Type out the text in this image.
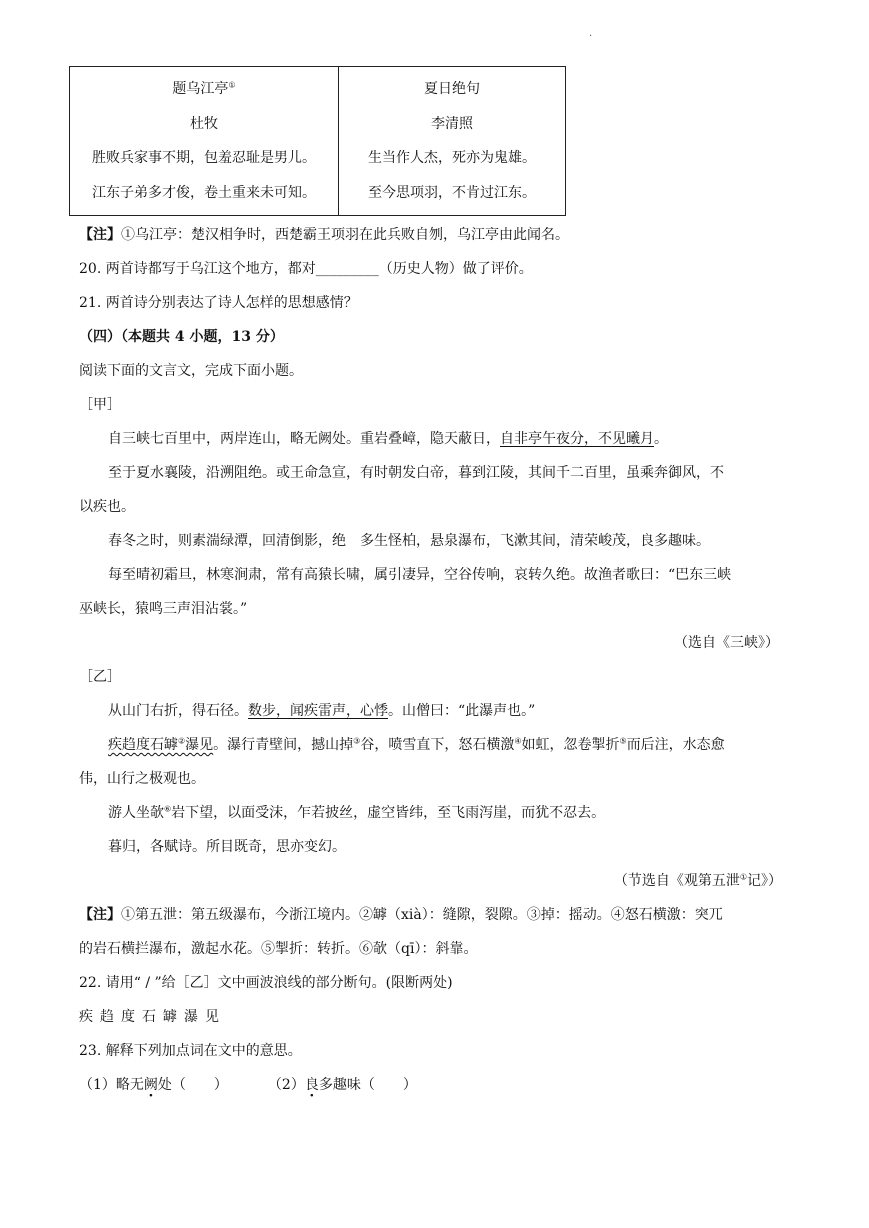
.
题乌江亭①
杜牧
胜败兵家事不期，包羞忍耻是男儿。
江东子弟多才俊，卷土重来未可知。

夏日绝句
李清照
生当作人杰，死亦为鬼雄。
至今思项羽，不肯过江东。
【注】①乌江亭：楚汉相争时，西楚霸王项羽在此兵败自刎，乌江亭由此闻名。
20. 两首诗都写于乌江这个地方，都对_________（历史人物）做了评价。
21. 两首诗分别表达了诗人怎样的思想感情？
（四）（本题共 4 小题，13 分）
阅读下面的文言文，完成下面小题。
［甲］
自三峡七百里中，两岸连山，略无阙处。重岩叠嶂，隐天蔽日，自非亭午夜分，不见曦月。
至于夏水襄陵，沿溯阻绝。或王命急宣，有时朝发白帝，暮到江陵，其间千二百里，虽乘奔御风，不
以疾也。
春冬之时，则素湍绿潭，回清倒影，绝　多生怪柏，悬泉瀑布，飞漱其间，清荣峻茂，良多趣味。
每至晴初霜旦，林寒涧肃，常有高猿长啸，属引凄异，空谷传响，哀转久绝。故渔者歌曰：“巴东三峡
巫峡长，猿鸣三声泪沾裳。”
（选自《三峡》）
［乙］
从山门右折，得石径。数步，闻疾雷声，心悸。山僧曰：“此瀑声也。”
疾趋度石罅②瀑见。瀑行青壁间，撼山掉③谷，喷雪直下，怒石横激④如虹，忽卷掣折⑤而后注，水态愈
伟，山行之极观也。
游人坐欹⑥岩下望，以面受沫，乍若披丝，虚空皆纬，至飞雨泻崖，而犹不忍去。
暮归，各赋诗。所目既奇，思亦变幻。
（节选自《观第五泄①记》）
【注】①第五泄：第五级瀑布，今浙江境内。②罅（xià）：缝隙，裂隙。③掉：摇动。④怒石横激：突兀
的岩石横拦瀑布，激起水花。⑤掣折：转折。⑥欹（qī）：斜靠。
22. 请用“ / ”给［乙］文中画波浪线的部分断句。(限断两处)
疾趋度石罅瀑见
23. 解释下列加点词在文中的意思。
（1）略无阙处（　　）	（2）良多趣味（　　）
